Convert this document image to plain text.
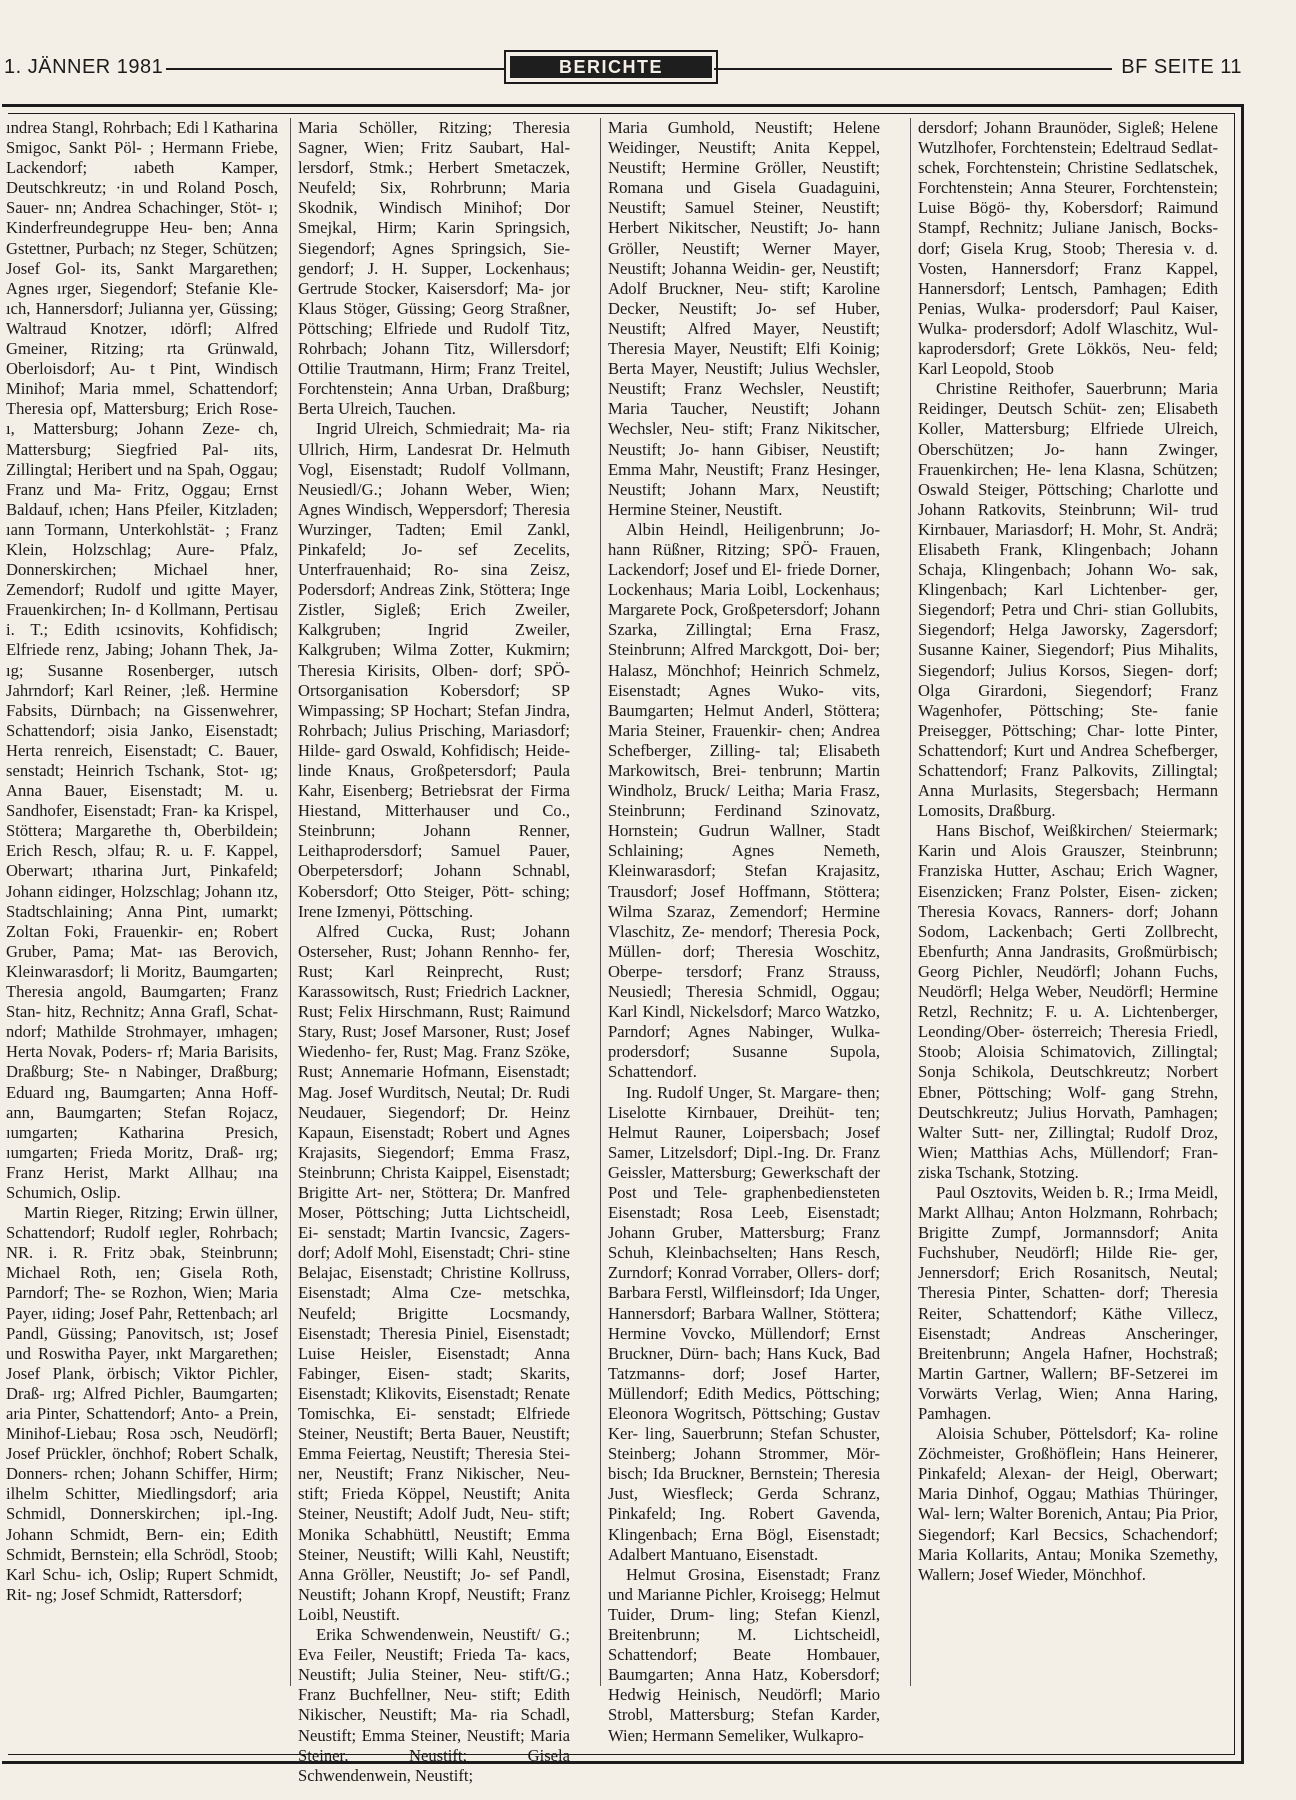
1. JÄNNER 1981	BERICHTE	BF SEITE 11

ındrea Stangl, Rohrbach; Edi l Katharina Smigoc, Sankt Pöl- ; Hermann Friebe, Lackendorf; ıabeth Kamper, Deutschkreutz; ·in und Roland Posch, Sauer- nn; Andrea Schachinger, Stöt- ı; Kinderfreundegruppe Heu- ben; Anna Gstettner, Purbach; nz Steger, Schützen; Josef Gol- its, Sankt Margarethen; Agnes ırger, Siegendorf; Stefanie Kle- ıch, Hannersdorf; Julianna yer, Güssing; Waltraud Knotzer, ıdörfl; Alfred Gmeiner, Ritzing; rta Grünwald, Oberloisdorf; Au- t Pint, Windisch Minihof; Maria mmel, Schattendorf; Theresia opf, Mattersburg; Erich Rose- ı, Mattersburg; Johann Zeze- ch, Mattersburg; Siegfried Pal- ıits, Zillingtal; Heribert und na Spah, Oggau; Franz und Ma- Fritz, Oggau; Ernst Baldauf, ıchen; Hans Pfeiler, Kitzladen; ıann Tormann, Unterkohlstät- ; Franz Klein, Holzschlag; Aure- Pfalz, Donnerskirchen; Michael hner, Zemendorf; Rudolf und ıgitte Mayer, Frauenkirchen; In- d Kollmann, Pertisau i. T.; Edith ıcsinovits, Kohfidisch; Elfriede renz, Jabing; Johann Thek, Ja- ıg; Susanne Rosenberger, ıutsch Jahrndorf; Karl Reiner, ;leß. Hermine Fabsits, Dürnbach; na Gissenwehrer, Schattendorf; ɔisia Janko, Eisenstadt; Herta renreich, Eisenstadt; C. Bauer, senstadt; Heinrich Tschank, Stot- ıg; Anna Bauer, Eisenstadt; M. u. Sandhofer, Eisenstadt; Fran- ka Krispel, Stöttera; Margarethe th, Oberbildein; Erich Resch, ɔlfau; R. u. F. Kappel, Oberwart; ıtharina Jurt, Pinkafeld; Johann ɛidinger, Holzschlag; Johann ıtz, Stadtschlaining; Anna Pint, ıumarkt; Zoltan Foki, Frauenkir- en; Robert Gruber, Pama; Mat- ıas Berovich, Kleinwarasdorf; li Moritz, Baumgarten; Theresia angold, Baumgarten; Franz Stan- hitz, Rechnitz; Anna Grafl, Schat- ndorf; Mathilde Strohmayer, ımhagen; Herta Novak, Poders- rf; Maria Barisits, Draßburg; Ste- n Nabinger, Draßburg; Eduard ıng, Baumgarten; Anna Hoff- ann, Baumgarten; Stefan Rojacz, ıumgarten; Katharina Presich, ıumgarten; Frieda Moritz, Draß- ırg; Franz Herist, Markt Allhau; ına Schumich, Oslip.

Martin Rieger, Ritzing; Erwin üllner, Schattendorf; Rudolf ıegler, Rohrbach; NR. i. R. Fritz ɔbak, Steinbrunn; Michael Roth, ıen; Gisela Roth, Parndorf; The- se Rozhon, Wien; Maria Payer, ıiding; Josef Pahr, Rettenbach; arl Pandl, Güssing; Panovitsch, ıst; Josef und Roswitha Payer, ınkt Margarethen; Josef Plank, örbisch; Viktor Pichler, Draß- ırg; Alfred Pichler, Baumgarten; aria Pinter, Schattendorf; Anto- a Prein, Minihof-Liebau; Rosa ɔsch, Neudörfl; Josef Prückler, önchhof; Robert Schalk, Donners- rchen; Johann Schiffer, Hirm; ilhelm Schitter, Miedlingsdorf; aria Schmidl, Donnerskirchen; ipl.-Ing. Johann Schmidt, Bern- ein; Edith Schmidt, Bernstein; ella Schrödl, Stoob; Karl Schu- ich, Oslip; Rupert Schmidt, Rit- ng; Josef Schmidt, Rattersdorf;

Maria Schöller, Ritzing; Theresia Sagner, Wien; Fritz Saubart, Hal- lersdorf, Stmk.; Herbert Smetaczek, Neufeld; Six, Rohrbrunn; Maria Skodnik, Windisch Minihof; Dor Smejkal, Hirm; Karin Springsich, Siegendorf; Agnes Springsich, Sie- gendorf; J. H. Supper, Lockenhaus; Gertrude Stocker, Kaisersdorf; Ma- jor Klaus Stöger, Güssing; Georg Straßner, Pöttsching; Elfriede und Rudolf Titz, Rohrbach; Johann Titz, Willersdorf; Ottilie Trautmann, Hirm; Franz Treitel, Forchtenstein; Anna Urban, Draßburg; Berta Ulreich, Tauchen.

Ingrid Ulreich, Schmiedrait; Ma- ria Ullrich, Hirm, Landesrat Dr. Helmuth Vogl, Eisenstadt; Rudolf Vollmann, Neusiedl/G.; Johann Weber, Wien; Agnes Windisch, Weppersdorf; Theresia Wurzinger, Tadten; Emil Zankl, Pinkafeld; Jo- sef Zecelits, Unterfrauenhaid; Ro- sina Zeisz, Podersdorf; Andreas Zink, Stöttera; Inge Zistler, Sigleß; Erich Zweiler, Kalkgruben; Ingrid Zweiler, Kalkgruben; Wilma Zotter, Kukmirn; Theresia Kirisits, Olben- dorf; SPÖ-Ortsorganisation Kobersdorf; SP Wimpassing; SP Hochart; Stefan Jindra, Rohrbach; Julius Prisching, Mariasdorf; Hilde- gard Oswald, Kohfidisch; Heide- linde Knaus, Großpetersdorf; Paula Kahr, Eisenberg; Betriebsrat der Firma Hiestand, Mitterhauser und Co., Steinbrunn; Johann Renner, Leithaprodersdorf; Samuel Pauer, Oberpetersdorf; Johann Schnabl, Kobersdorf; Otto Steiger, Pött- sching; Irene Izmenyi, Pöttsching.

Alfred Cucka, Rust; Johann Osterseher, Rust; Johann Rennho- fer, Rust; Karl Reinprecht, Rust; Karassowitsch, Rust; Friedrich Lackner, Rust; Felix Hirschmann, Rust; Raimund Stary, Rust; Josef Marsoner, Rust; Josef Wiedenho- fer, Rust; Mag. Franz Szöke, Rust; Annemarie Hofmann, Eisenstadt; Mag. Josef Wurditsch, Neutal; Dr. Rudi Neudauer, Siegendorf; Dr. Heinz Kapaun, Eisenstadt; Robert und Agnes Krajasits, Siegendorf; Emma Frasz, Steinbrunn; Christa Kaippel, Eisenstadt; Brigitte Art- ner, Stöttera; Dr. Manfred Moser, Pöttsching; Jutta Lichtscheidl, Ei- senstadt; Martin Ivancsic, Zagers- dorf; Adolf Mohl, Eisenstadt; Chri- stine Belajac, Eisenstadt; Christine Kollruss, Eisenstadt; Alma Cze- metschka, Neufeld; Brigitte Locsmandy, Eisenstadt; Theresia Piniel, Eisenstadt; Luise Heisler, Eisenstadt; Anna Fabinger, Eisen- stadt; Skarits, Eisenstadt; Klikovits, Eisenstadt; Renate Tomischka, Ei- senstadt; Elfriede Steiner, Neustift; Berta Bauer, Neustift; Emma Feiertag, Neustift; Theresia Stei- ner, Neustift; Franz Nikischer, Neu- stift; Frieda Köppel, Neustift; Anita Steiner, Neustift; Adolf Judt, Neu- stift; Monika Schabhüttl, Neustift; Emma Steiner, Neustift; Willi Kahl, Neustift; Anna Gröller, Neustift; Jo- sef Pandl, Neustift; Johann Kropf, Neustift; Franz Loibl, Neustift.

Erika Schwendenwein, Neustift/ G.; Eva Feiler, Neustift; Frieda Ta- kacs, Neustift; Julia Steiner, Neu- stift/G.; Franz Buchfellner, Neu- stift; Edith Nikischer, Neustift; Ma- ria Schadl, Neustift; Emma Steiner, Neustift; Maria Steiner, Neustift; Gisela Schwendenwein, Neustift;

Maria Gumhold, Neustift; Helene Weidinger, Neustift; Anita Keppel, Neustift; Hermine Gröller, Neustift; Romana und Gisela Guadaguini, Neustift; Samuel Steiner, Neustift; Herbert Nikitscher, Neustift; Jo- hann Gröller, Neustift; Werner Mayer, Neustift; Johanna Weidin- ger, Neustift; Adolf Bruckner, Neu- stift; Karoline Decker, Neustift; Jo- sef Huber, Neustift; Alfred Mayer, Neustift; Theresia Mayer, Neustift; Elfi Koinig; Berta Mayer, Neustift; Julius Wechsler, Neustift; Franz Wechsler, Neustift; Maria Taucher, Neustift; Johann Wechsler, Neu- stift; Franz Nikitscher, Neustift; Jo- hann Gibiser, Neustift; Emma Mahr, Neustift; Franz Hesinger, Neustift; Johann Marx, Neustift; Hermine Steiner, Neustift.

Albin Heindl, Heiligenbrunn; Jo- hann Rüßner, Ritzing; SPÖ- Frauen, Lackendorf; Josef und El- friede Dorner, Lockenhaus; Maria Loibl, Lockenhaus; Margarete Pock, Großpetersdorf; Johann Szarka, Zillingtal; Erna Frasz, Steinbrunn; Alfred Marckgott, Doi- ber; Halasz, Mönchhof; Heinrich Schmelz, Eisenstadt; Agnes Wuko- vits, Baumgarten; Helmut Anderl, Stöttera; Maria Steiner, Frauenkir- chen; Andrea Schefberger, Zilling- tal; Elisabeth Markowitsch, Brei- tenbrunn; Martin Windholz, Bruck/ Leitha; Maria Frasz, Steinbrunn; Ferdinand Szinovatz, Hornstein; Gudrun Wallner, Stadt Schlaining; Agnes Nemeth, Kleinwarasdorf; Stefan Krajasitz, Trausdorf; Josef Hoffmann, Stöttera; Wilma Szaraz, Zemendorf; Hermine Vlaschitz, Ze- mendorf; Theresia Pock, Müllen- dorf; Theresia Woschitz, Oberpe- tersdorf; Franz Strauss, Neusiedl; Theresia Schmidl, Oggau; Karl Kindl, Nickelsdorf; Marco Watzko, Parndorf; Agnes Nabinger, Wulka- prodersdorf; Susanne Supola, Schattendorf.

Ing. Rudolf Unger, St. Margare- then; Liselotte Kirnbauer, Dreihüt- ten; Helmut Rauner, Loipersbach; Josef Samer, Litzelsdorf; Dipl.-Ing. Dr. Franz Geissler, Mattersburg; Gewerkschaft der Post und Tele- graphenbediensteten Eisenstadt; Rosa Leeb, Eisenstadt; Johann Gruber, Mattersburg; Franz Schuh, Kleinbachselten; Hans Resch, Zurndorf; Konrad Vorraber, Ollers- dorf; Barbara Ferstl, Wilfleinsdorf; Ida Unger, Hannersdorf; Barbara Wallner, Stöttera; Hermine Vovcko, Müllendorf; Ernst Bruckner, Dürn- bach; Hans Kuck, Bad Tatzmanns- dorf; Josef Harter, Müllendorf; Edith Medics, Pöttsching; Eleonora Wogritsch, Pöttsching; Gustav Ker- ling, Sauerbrunn; Stefan Schuster, Steinberg; Johann Strommer, Mör- bisch; Ida Bruckner, Bernstein; Theresia Just, Wiesfleck; Gerda Schranz, Pinkafeld; Ing. Robert Gavenda, Klingenbach; Erna Bögl, Eisenstadt; Adalbert Mantuano, Eisenstadt.

Helmut Grosina, Eisenstadt; Franz und Marianne Pichler, Kroisegg; Helmut Tuider, Drum- ling; Stefan Kienzl, Breitenbrunn; M. Lichtscheidl, Schattendorf; Beate Hombauer, Baumgarten; Anna Hatz, Kobersdorf; Hedwig Heinisch, Neudörfl; Mario Strobl, Mattersburg; Stefan Karder, Wien; Hermann Semeliker, Wulkapro-

dersdorf; Johann Braunöder, Sigleß; Helene Wutzlhofer, Forchtenstein; Edeltraud Sedlat- schek, Forchtenstein; Christine Sedlatschek, Forchtenstein; Anna Steurer, Forchtenstein; Luise Bögö- thy, Kobersdorf; Raimund Stampf, Rechnitz; Juliane Janisch, Bocks- dorf; Gisela Krug, Stoob; Theresia v. d. Vosten, Hannersdorf; Franz Kappel, Hannersdorf; Lentsch, Pamhagen; Edith Penias, Wulka- prodersdorf; Paul Kaiser, Wulka- prodersdorf; Adolf Wlaschitz, Wul- kaprodersdorf; Grete Lökkös, Neu- feld; Karl Leopold, Stoob

Christine Reithofer, Sauerbrunn; Maria Reidinger, Deutsch Schüt- zen; Elisabeth Koller, Mattersburg; Elfriede Ulreich, Oberschützen; Jo- hann Zwinger, Frauenkirchen; He- lena Klasna, Schützen; Oswald Steiger, Pöttsching; Charlotte und Johann Ratkovits, Steinbrunn; Wil- trud Kirnbauer, Mariasdorf; H. Mohr, St. Andrä; Elisabeth Frank, Klingenbach; Johann Schaja, Klingenbach; Johann Wo- sak, Klingenbach; Karl Lichtenber- ger, Siegendorf; Petra und Chri- stian Gollubits, Siegendorf; Helga Jaworsky, Zagersdorf; Susanne Kainer, Siegendorf; Pius Mihalits, Siegendorf; Julius Korsos, Siegen- dorf; Olga Girardoni, Siegendorf; Franz Wagenhofer, Pöttsching; Ste- fanie Preisegger, Pöttsching; Char- lotte Pinter, Schattendorf; Kurt und Andrea Schefberger, Schattendorf; Franz Palkovits, Zillingtal; Anna Murlasits, Stegersbach; Hermann Lomosits, Draßburg.

Hans Bischof, Weißkirchen/ Steiermark; Karin und Alois Grauszer, Steinbrunn; Franziska Hutter, Aschau; Erich Wagner, Eisenzicken; Franz Polster, Eisen- zicken; Theresia Kovacs, Ranners- dorf; Johann Sodom, Lackenbach; Gerti Zollbrecht, Ebenfurth; Anna Jandrasits, Großmürbisch; Georg Pichler, Neudörfl; Johann Fuchs, Neudörfl; Helga Weber, Neudörfl; Hermine Retzl, Rechnitz; F. u. A. Lichtenberger, Leonding/Ober- österreich; Theresia Friedl, Stoob; Aloisia Schimatovich, Zillingtal; Sonja Schikola, Deutschkreutz; Norbert Ebner, Pöttsching; Wolf- gang Strehn, Deutschkreutz; Julius Horvath, Pamhagen; Walter Sutt- ner, Zillingtal; Rudolf Droz, Wien; Matthias Achs, Müllendorf; Fran- ziska Tschank, Stotzing.

Paul Osztovits, Weiden b. R.; Irma Meidl, Markt Allhau; Anton Holzmann, Rohrbach; Brigitte Zumpf, Jormannsdorf; Anita Fuchshuber, Neudörfl; Hilde Rie- ger, Jennersdorf; Erich Rosanitsch, Neutal; Theresia Pinter, Schatten- dorf; Theresia Reiter, Schattendorf; Käthe Villecz, Eisenstadt; Andreas Anscheringer, Breitenbrunn; Angela Hafner, Hochstraß; Martin Gartner, Wallern; BF-Setzerei im Vorwärts Verlag, Wien; Anna Haring, Pamhagen.

Aloisia Schuber, Pöttelsdorf; Ka- roline Zöchmeister, Großhöflein; Hans Heinerer, Pinkafeld; Alexan- der Heigl, Oberwart; Maria Dinhof, Oggau; Mathias Thüringer, Wal- lern; Walter Borenich, Antau; Pia Prior, Siegendorf; Karl Becsics, Schachendorf; Maria Kollarits, Antau; Monika Szemethy, Wallern; Josef Wieder, Mönchhof.
